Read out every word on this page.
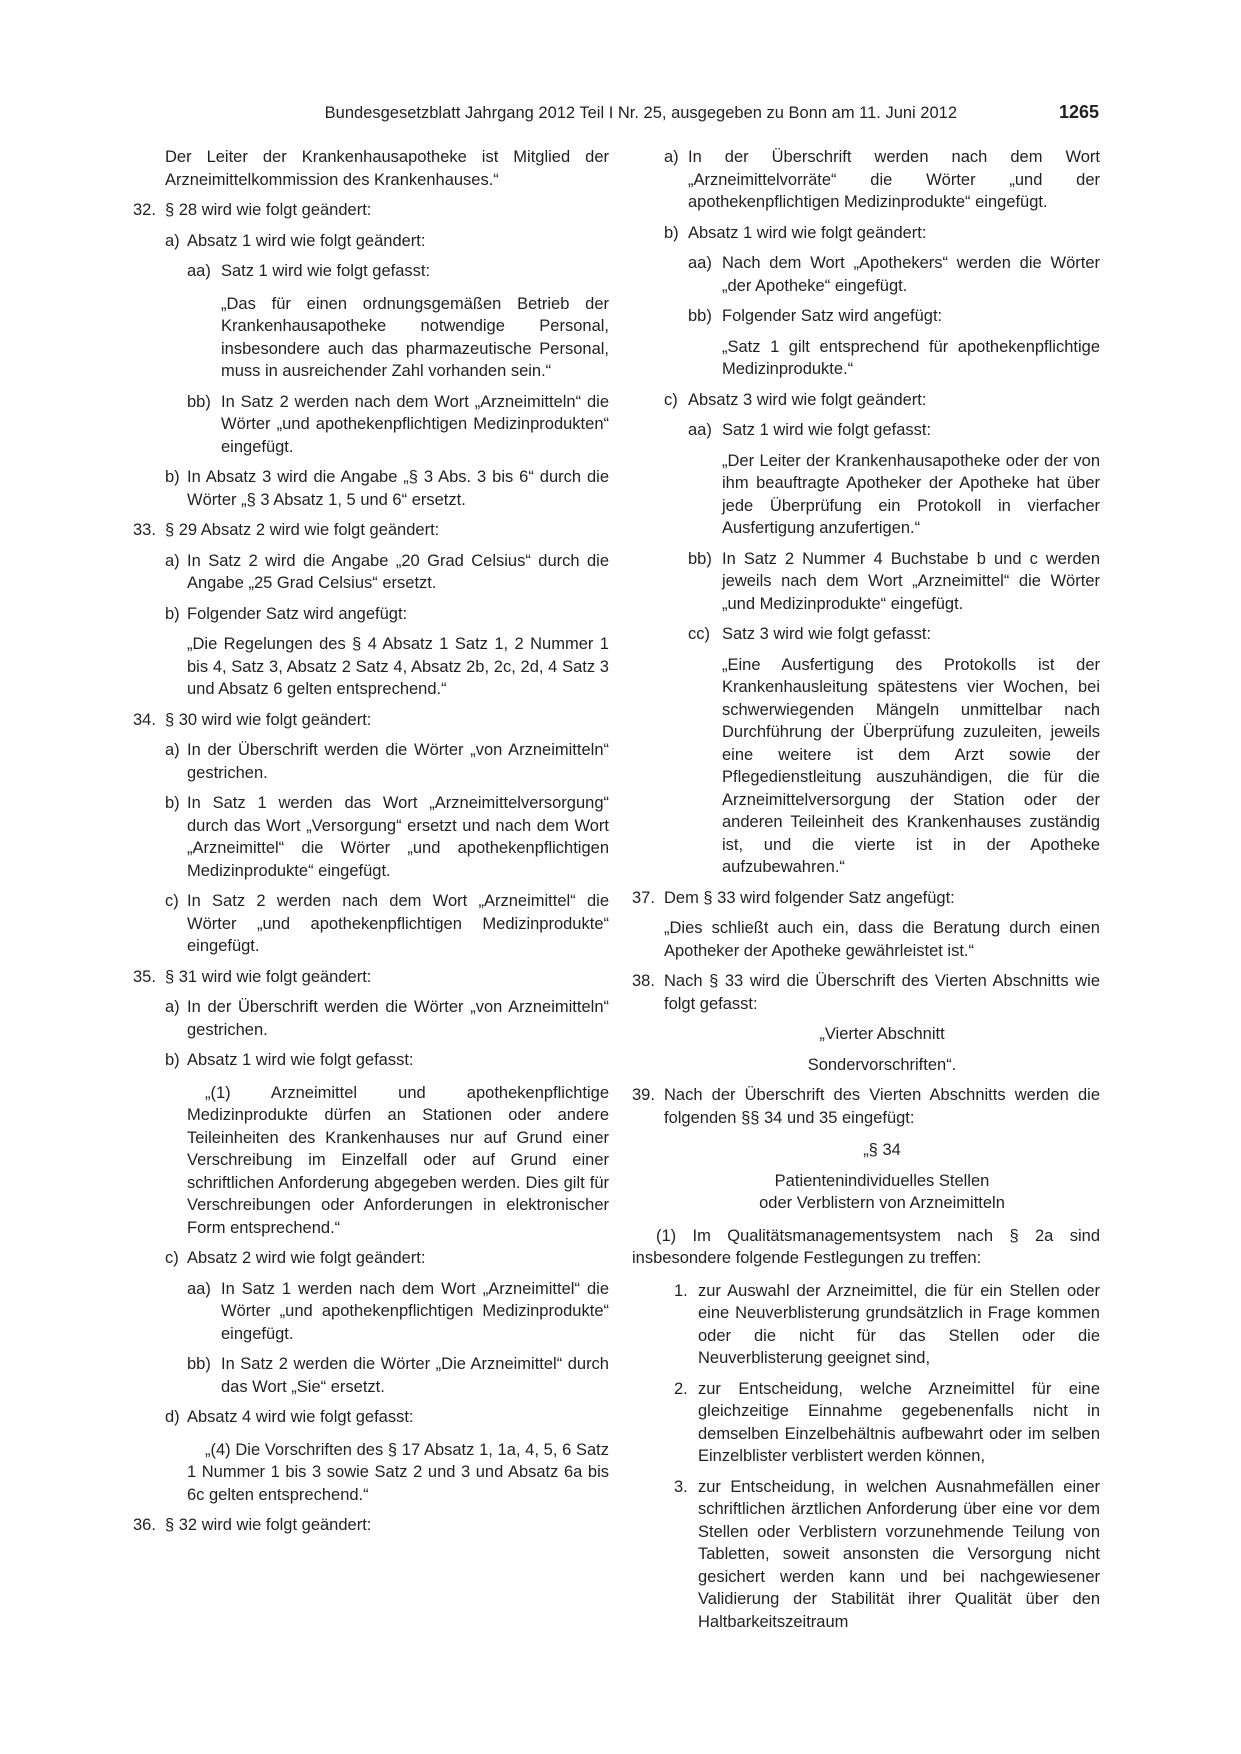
Bundesgesetzblatt Jahrgang 2012 Teil I Nr. 25, ausgegeben zu Bonn am 11. Juni 2012	1265
Der Leiter der Krankenhausapotheke ist Mitglied der Arzneimittelkommission des Krankenhauses.“
32. § 28 wird wie folgt geändert:
a) Absatz 1 wird wie folgt geändert:
aa) Satz 1 wird wie folgt gefasst:
„Das für einen ordnungsgemäßen Betrieb der Krankenhausapotheke notwendige Personal, insbesondere auch das pharmazeutische Personal, muss in ausreichender Zahl vorhanden sein.“
bb) In Satz 2 werden nach dem Wort „Arzneimitteln“ die Wörter „und apothekenpflichtigen Medizinprodukten“ eingefügt.
b) In Absatz 3 wird die Angabe „§ 3 Abs. 3 bis 6“ durch die Wörter „§ 3 Absatz 1, 5 und 6“ ersetzt.
33. § 29 Absatz 2 wird wie folgt geändert:
a) In Satz 2 wird die Angabe „20 Grad Celsius“ durch die Angabe „25 Grad Celsius“ ersetzt.
b) Folgender Satz wird angefügt:
„Die Regelungen des § 4 Absatz 1 Satz 1, 2 Nummer 1 bis 4, Satz 3, Absatz 2 Satz 4, Absatz 2b, 2c, 2d, 4 Satz 3 und Absatz 6 gelten entsprechend.“
34. § 30 wird wie folgt geändert:
a) In der Überschrift werden die Wörter „von Arzneimitteln“ gestrichen.
b) In Satz 1 werden das Wort „Arzneimittelversorgung“ durch das Wort „Versorgung“ ersetzt und nach dem Wort „Arzneimittel“ die Wörter „und apothekenpflichtigen Medizinprodukte“ eingefügt.
c) In Satz 2 werden nach dem Wort „Arzneimittel“ die Wörter „und apothekenpflichtigen Medizinprodukte“ eingefügt.
35. § 31 wird wie folgt geändert:
a) In der Überschrift werden die Wörter „von Arzneimitteln“ gestrichen.
b) Absatz 1 wird wie folgt gefasst:
„(1) Arzneimittel und apothekenpflichtige Medizinprodukte dürfen an Stationen oder andere Teileinheiten des Krankenhauses nur auf Grund einer Verschreibung im Einzelfall oder auf Grund einer schriftlichen Anforderung abgegeben werden. Dies gilt für Verschreibungen oder Anforderungen in elektronischer Form entsprechend.“
c) Absatz 2 wird wie folgt geändert:
aa) In Satz 1 werden nach dem Wort „Arzneimittel“ die Wörter „und apothekenpflichtigen Medizinprodukte“ eingefügt.
bb) In Satz 2 werden die Wörter „Die Arzneimittel“ durch das Wort „Sie“ ersetzt.
d) Absatz 4 wird wie folgt gefasst:
„(4) Die Vorschriften des § 17 Absatz 1, 1a, 4, 5, 6 Satz 1 Nummer 1 bis 3 sowie Satz 2 und 3 und Absatz 6a bis 6c gelten entsprechend.“
36. § 32 wird wie folgt geändert:
a) In der Überschrift werden nach dem Wort „Arzneimittelvorräte“ die Wörter „und der apothekenpflichtigen Medizinprodukte“ eingefügt.
b) Absatz 1 wird wie folgt geändert:
aa) Nach dem Wort „Apothekers“ werden die Wörter „der Apotheke“ eingefügt.
bb) Folgender Satz wird angefügt:
„Satz 1 gilt entsprechend für apothekenpflichtige Medizinprodukte.“
c) Absatz 3 wird wie folgt geändert:
aa) Satz 1 wird wie folgt gefasst:
„Der Leiter der Krankenhausapotheke oder der von ihm beauftragte Apotheker der Apotheke hat über jede Überprüfung ein Protokoll in vierfacher Ausfertigung anzufertigen.“
bb) In Satz 2 Nummer 4 Buchstabe b und c werden jeweils nach dem Wort „Arzneimittel“ die Wörter „und Medizinprodukte“ eingefügt.
cc) Satz 3 wird wie folgt gefasst:
„Eine Ausfertigung des Protokolls ist der Krankenhausleitung spätestens vier Wochen, bei schwerwiegenden Mängeln unmittelbar nach Durchführung der Überprüfung zuzuleiten, jeweils eine weitere ist dem Arzt sowie der Pflegedienstleitung auszuhändigen, die für die Arzneimittelversorgung der Station oder der anderen Teileinheit des Krankenhauses zuständig ist, und die vierte ist in der Apotheke aufzubewahren.“
37. Dem § 33 wird folgender Satz angefügt:
„Dies schließt auch ein, dass die Beratung durch einen Apotheker der Apotheke gewährleistet ist.“
38. Nach § 33 wird die Überschrift des Vierten Abschnitts wie folgt gefasst:
„Vierter Abschnitt
Sondervorschriften“.
39. Nach der Überschrift des Vierten Abschnitts werden die folgenden §§ 34 und 35 eingefügt:
„§ 34
Patientenindividuelles Stellen
oder Verblistern von Arzneimitteln
(1) Im Qualitätsmanagementsystem nach § 2a sind insbesondere folgende Festlegungen zu treffen:
1. zur Auswahl der Arzneimittel, die für ein Stellen oder eine Neuverblisterung grundsätzlich in Frage kommen oder die nicht für das Stellen oder die Neuverblisterung geeignet sind,
2. zur Entscheidung, welche Arzneimittel für eine gleichzeitige Einnahme gegebenenfalls nicht in demselben Einzelbehältnis aufbewahrt oder im selben Einzelblister verblistert werden können,
3. zur Entscheidung, in welchen Ausnahmefällen einer schriftlichen ärztlichen Anforderung über eine vor dem Stellen oder Verblistern vorzunehmende Teilung von Tabletten, soweit ansonsten die Versorgung nicht gesichert werden kann und bei nachgewiesener Validierung der Stabilität ihrer Qualität über den Haltbarkeitszeitraum
